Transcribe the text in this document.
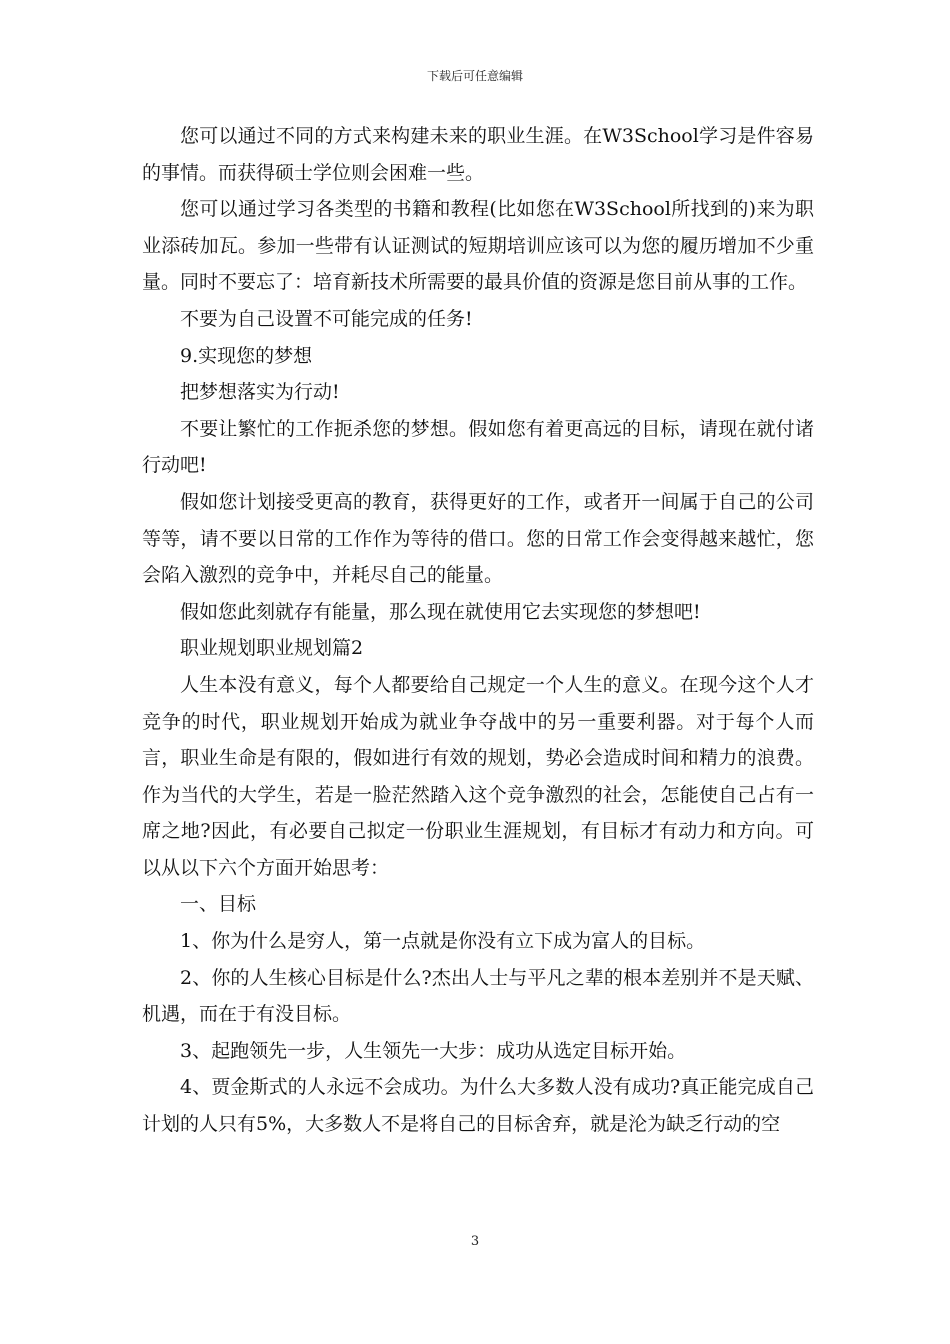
下载后可任意编辑

您可以通过不同的方式来构建未来的职业生涯。在W3School学习是件容易的事情。而获得硕士学位则会困难一些。

您可以通过学习各类型的书籍和教程(比如您在W3School所找到的)来为职业添砖加瓦。参加一些带有认证测试的短期培训应该可以为您的履历增加不少重量。同时不要忘了：培育新技术所需要的最具价值的资源是您目前从事的工作。

不要为自己设置不可能完成的任务!

9.实现您的梦想

把梦想落实为行动!

不要让繁忙的工作扼杀您的梦想。假如您有着更高远的目标，请现在就付诸行动吧!

假如您计划接受更高的教育，获得更好的工作，或者开一间属于自己的公司等等，请不要以日常的工作作为等待的借口。您的日常工作会变得越来越忙，您会陷入激烈的竞争中，并耗尽自己的能量。

假如您此刻就存有能量，那么现在就使用它去实现您的梦想吧!

职业规划职业规划篇2

人生本没有意义，每个人都要给自己规定一个人生的意义。在现今这个人才竞争的时代，职业规划开始成为就业争夺战中的另一重要利器。对于每个人而言，职业生命是有限的，假如进行有效的规划，势必会造成时间和精力的浪费。作为当代的大学生，若是一脸茫然踏入这个竞争激烈的社会，怎能使自己占有一席之地?因此，有必要自己拟定一份职业生涯规划，有目标才有动力和方向。可以从以下六个方面开始思考：

一、目标

1、你为什么是穷人，第一点就是你没有立下成为富人的目标。

2、你的人生核心目标是什么?杰出人士与平凡之辈的根本差别并不是天赋、机遇，而在于有没目标。

3、起跑领先一步，人生领先一大步：成功从选定目标开始。

4、贾金斯式的人永远不会成功。为什么大多数人没有成功?真正能完成自己计划的人只有5%，大多数人不是将自己的目标舍弃，就是沦为缺乏行动的空

3
